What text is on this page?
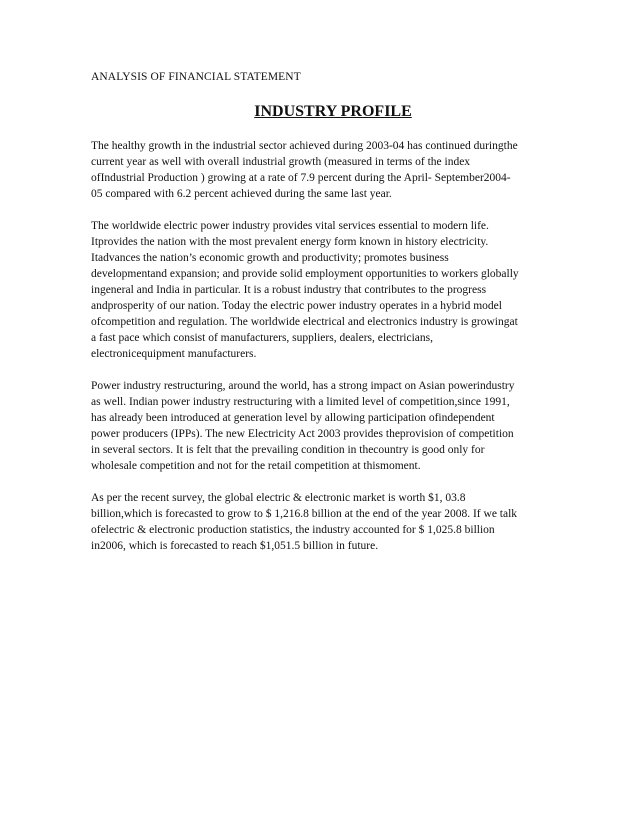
ANALYSIS OF FINANCIAL STATEMENT
INDUSTRY PROFILE

The healthy growth in the industrial sector achieved during 2003-04 has continued duringthe
current year as well with overall industrial growth (measured in terms of the index
ofIndustrial Production ) growing at a rate of 7.9 percent during the April- September2004-
05 compared with 6.2 percent achieved during the same last year.

The worldwide electric power industry provides vital services essential to modern life.
Itprovides the nation with the most prevalent energy form known in history electricity.
Itadvances the nation’s economic growth and productivity; promotes business
developmentand expansion; and provide solid employment opportunities to workers globally
ingeneral and India in particular. It is a robust industry that contributes to the progress
andprosperity of our nation. Today the electric power industry operates in a hybrid model
ofcompetition and regulation. The worldwide electrical and electronics industry is growingat
a fast pace which consist of manufacturers, suppliers, dealers, electricians,
electronicequipment manufacturers.

Power industry restructuring, around the world, has a strong impact on Asian powerindustry
as well. Indian power industry restructuring with a limited level of competition,since 1991,
has already been introduced at generation level by allowing participation ofindependent
power producers (IPPs). The new Electricity Act 2003 provides theprovision of competition
in several sectors. It is felt that the prevailing condition in thecountry is good only for
wholesale competition and not for the retail competition at thismoment.

As per the recent survey, the global electric & electronic market is worth $1, 03.8
billion,which is forecasted to grow to $ 1,216.8 billion at the end of the year 2008. If we talk
ofelectric & electronic production statistics, the industry accounted for $ 1,025.8 billion
in2006, which is forecasted to reach $1,051.5 billion in future.
